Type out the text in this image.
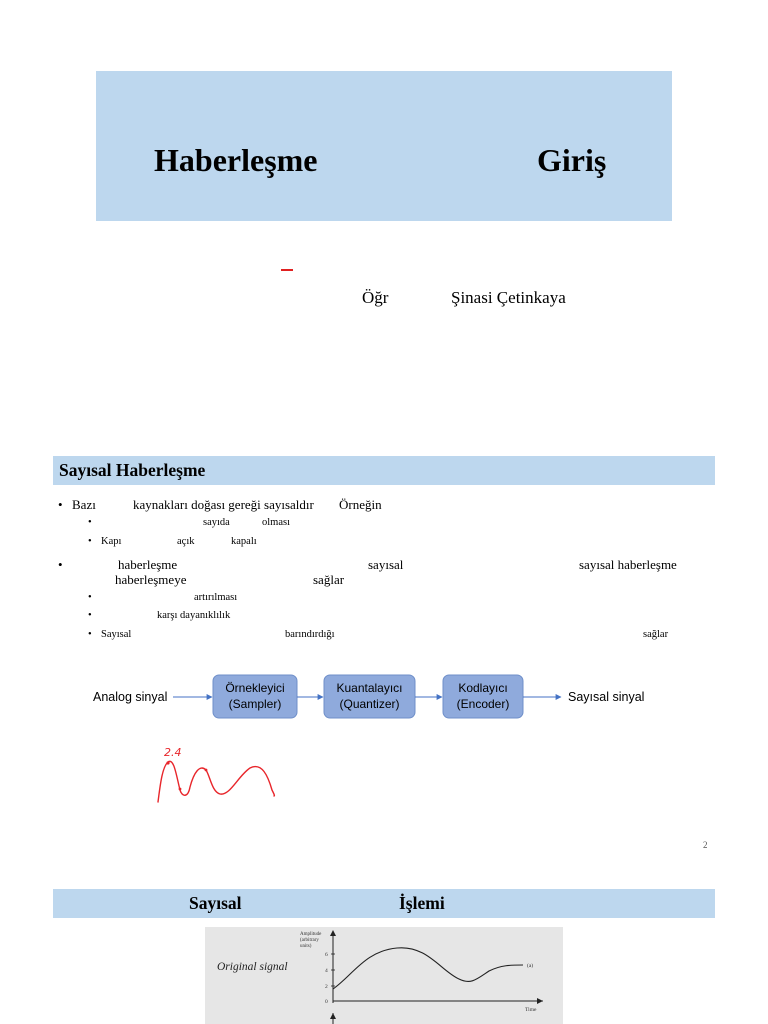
Haberleşme	Giriş
Öğr	Şinasi Çetinkaya
Sayısal Haberleşme
• Bazı	kaynakları doğası gereği sayısaldır Örneğin
•	sayıda	olması
• Kapı	açık	kapalı
•	haberleşme	sayısal	sayısal haberleşme
haberleşmeye	sağlar
•	artırılması
•	karşı dayanıklılık
• Sayısal	barındırdığı	sağlar
Analog sinyal
Örnekleyici
(Sampler)
Kuantalayıcı
(Quantizer)
Kodlayıcı
(Encoder)	Sayısal sinyal
2.4
2
Sayısal	İşlemi
Original signal
Amplitude
(arbitrary
units)
6
4
2
0
(a)
Time
